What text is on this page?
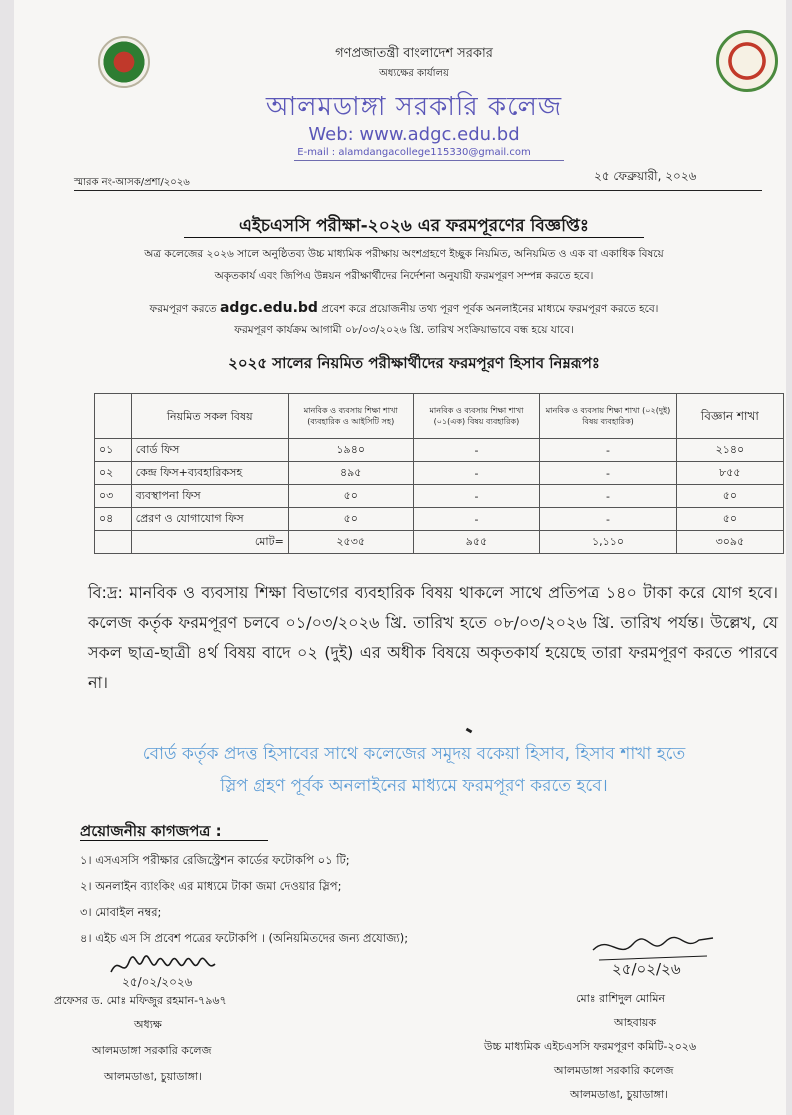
গণপ্রজাতন্ত্রী বাংলাদেশ সরকার
অধ্যক্ষের কার্যালয়
আলমডাঙ্গা সরকারি কলেজ
Web: www.adgc.edu.bd
E-mail : alamdangacollege115330@gmail.com
স্মারক নং-আসক/প্রশা/২০২৬	২৫ ফেব্রুয়ারী, ২০২৬
এইচএসসি পরীক্ষা-২০২৬ এর ফরমপূরণের বিজ্ঞপ্তিঃ
অত্র কলেজের ২০২৬ সালে অনুষ্ঠিতব্য উচ্চ মাধ্যমিক পরীক্ষায় অংশগ্রহণে ইচ্ছুক নিয়মিত, অনিয়মিত ও এক বা একাধিক বিষয়ে
অকৃতকার্য এবং জিপিএ উন্নয়ন পরীক্ষার্থীদের নির্দেশনা অনুযায়ী ফরমপূরণ সম্পন্ন করতে হবে।
ফরমপূরণ করতে adgc.edu.bd প্রবেশ করে প্রয়োজনীয় তথ্য পূরণ পূর্বক অনলাইনের মাধ্যমে ফরমপূরণ করতে হবে।
ফরমপূরণ কার্যক্রম আগামী ০৮/০৩/২০২৬ খ্রি. তারিখ সংক্রিয়াভাবে বন্ধ হয়ে যাবে।
২০২৫ সালের নিয়মিত পরীক্ষার্থীদের ফরমপূরণ হিসাব নিম্নরূপঃ
	নিয়মিত সকল বিষয়	মানবিক ও ব্যবসায় শিক্ষা শাখা (ব্যবহারিক ও আইসিটি সহ)	মানবিক ও ব্যবসায় শিক্ষা শাখা (০১(এক) বিষয় ব্যবহারিক)	মানবিক ও ব্যবসায় শিক্ষা শাখা (০২(দুই) বিষয় ব্যবহারিক)	বিজ্ঞান শাখা
০১	বোর্ড ফিস	১৯৪০	-	-	২১৪০
০২	কেন্দ্র ফিস+ব্যবহারিকসহ	৪৯৫	-	-	৮৫৫
০৩	ব্যবস্থাপনা ফিস	৫০	-	-	৫০
০৪	প্রেরণ ও যোগাযোগ ফিস	৫০	-	-	৫০
	মোট=	২৫৩৫	৯৫৫	১,১১০	৩০৯৫
বি:দ্র: মানবিক ও ব্যবসায় শিক্ষা বিভাগের ব্যবহারিক বিষয় থাকলে সাথে প্রতিপত্র ১৪০ টাকা করে যোগ হবে। কলেজ কর্তৃক ফরমপূরণ চলবে ০১/০৩/২০২৬ খ্রি. তারিখ হতে ০৮/০৩/২০২৬ খ্রি. তারিখ পর্যন্ত। উল্লেখ, যে সকল ছাত্র-ছাত্রী ৪র্থ বিষয় বাদে ০২ (দুই) এর অধীক বিষয়ে অকৃতকার্য হয়েছে তারা ফরমপূরণ করতে পারবে না।
বোর্ড কর্তৃক প্রদত্ত হিসাবের সাথে কলেজের সমূদয় বকেয়া হিসাব, হিসাব শাখা হতে
স্লিপ গ্রহণ পূর্বক অনলাইনের মাধ্যমে ফরমপূরণ করতে হবে।
প্রয়োজনীয় কাগজপত্র :
১। এসএসসি পরীক্ষার রেজিস্ট্রেশন কার্ডের ফটোকপি ০১ টি;
২। অনলাইন ব্যাংকিং এর মাধ্যমে টাকা জমা দেওয়ার স্লিপ;
৩। মোবাইল নম্বর;
৪। এইচ এস সি প্রবেশ পত্রের ফটোকপি । (অনিয়মিতদের জন্য প্রযোজ্য);
২৫/০২/২০২৬
প্রফেসর ড. মোঃ মফিজুর রহমান-৭৯৬৭
অধ্যক্ষ
আলমডাঙ্গা সরকারি কলেজ
আলমডাঙা, চুয়াডাঙ্গা।
২৫/০২/২৬
মোঃ রাশিদুল মোমিন
আহবায়ক
উচ্চ মাধ্যমিক এইচএসসি ফরমপূরণ কমিটি-২০২৬
আলমডাঙ্গা সরকারি কলেজ
আলমডাঙা, চুয়াডাঙ্গা।
